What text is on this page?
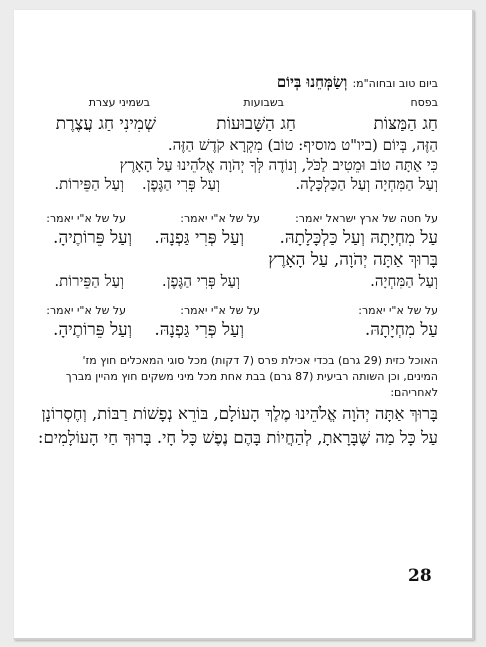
ביום טוב ובחוה"מ: וְשַׂמְּחֵנוּ בְּיוֹם
בפסח
בשבועות
בשמיני עצרת
חַג הַמַּצּוֹת
חַג הַשָּׁבוּעוֹת
שְׁמִינִי חַג עֲצֶרֶת
הַזֶּה, בְּיוֹם (ביו"ט מוסיף: טוֹב) מִקְרָא קֹדֶשׁ הַזֶּה.
כִּי אַתָּה טוֹב וּמֵטִיב לַכֹּל, וְנוֹדֶה לְּךָ יְהֹוָה אֱלֹהֵינוּ עַל הָאָרֶץ
וְעַל הַמִּחְיָה וְעַל הַכַּלְכָּלָה.
וְעַל פְּרִי הַגֶּפֶן.
וְעַל הַפֵּירוֹת.
על חטה של ארץ ישראל יאמר:
על של א"י יאמר:
על של א"י יאמר:
עַל מִחְיָתָהּ וְעַל כַּלְכָּלָתָהּ.
וְעַל פְּרִי גַּפְנָהּ.
וְעַל פֵּרוֹתֶיהָ.
בָּרוּךְ אַתָּה יְהֹוָה, עַל הָאָרֶץ
וְעַל הַמִּחְיָה.
וְעַל פְּרִי הַגֶּפֶן.
וְעַל הַפֵּירוֹת.
על של א"י יאמר:
על של א"י יאמר:
על של א"י יאמר:
עַל מִחְיָתָהּ.
וְעַל פְּרִי גַּפְנָהּ.
וְעַל פֵּרוֹתֶיהָ.
האוכל כזית (29 גרם) בכדי אכילת פרס (7 דקות) מכל סוגי המאכלים חוץ מז'
המינים, וכן השותה רביעית (87 גרם) בבת אחת מכל מיני משקים חוץ מהיין מברך
לאחריהם:
בָּרוּךְ אַתָּה יְהֹוָה אֱלֹהֵינוּ מֶלֶךְ הָעוֹלָם, בּוֹרֵא נְפָשׁוֹת רַבּוֹת, וְחֶסְרוֹנָן
עַל כָּל מַה שֶּׁבָּרָאתָ, לְהַחֲיוֹת בָּהֶם נֶפֶשׁ כָּל חָי. בָּרוּךְ חַי הָעוֹלָמִים:
28
